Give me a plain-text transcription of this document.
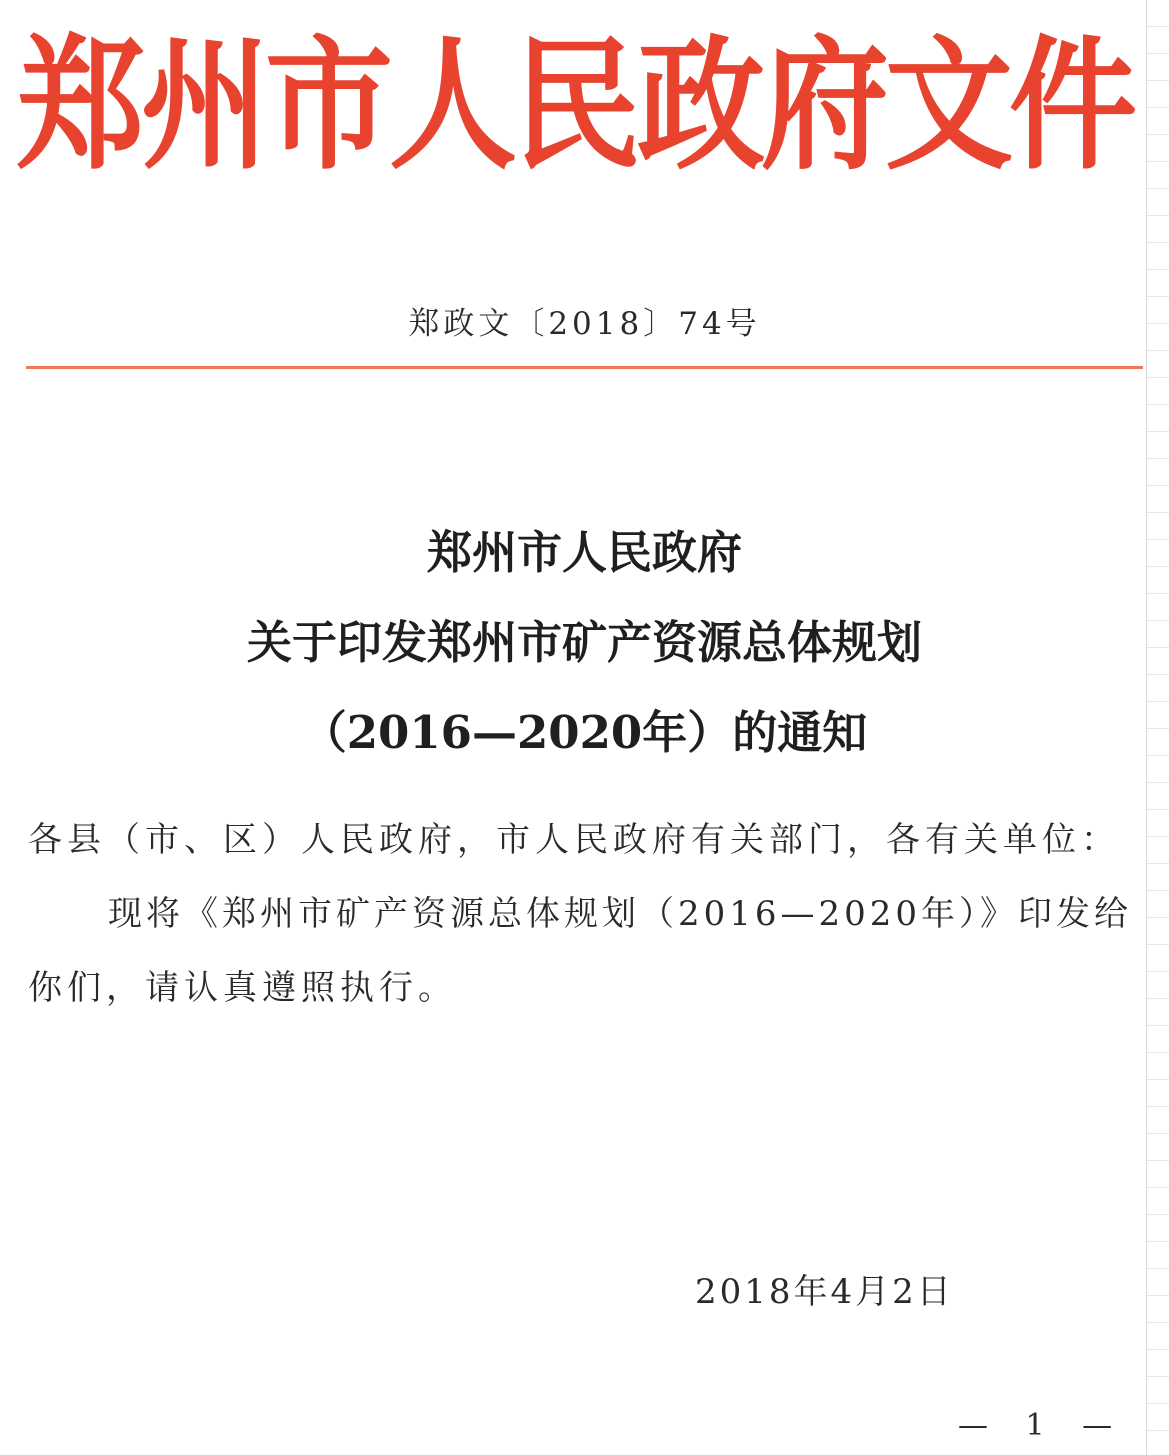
郑州市人民政府文件
郑政文〔2018〕74号
郑州市人民政府
关于印发郑州市矿产资源总体规划
（2016—2020年）的通知
各县（市、区）人民政府，市人民政府有关部门，各有关单位：
现将《郑州市矿产资源总体规划（2016—2020年）》印发给
你们，请认真遵照执行。
2018年4月2日
— 1 —
